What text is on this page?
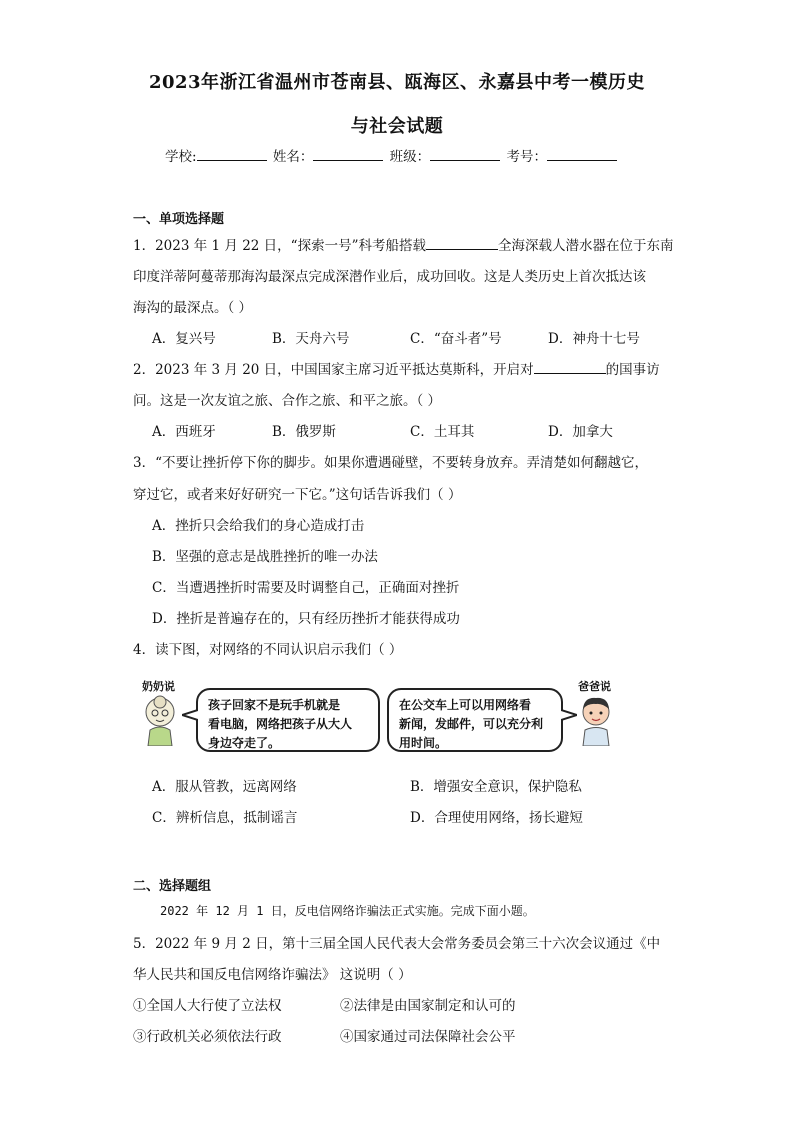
2023年浙江省温州市苍南县、瓯海区、永嘉县中考一模历史
与社会试题
学校:	姓名：	班级：	考号：
一、单项选择题
1．2023 年 1 月 22 日，“探索一号”科考船搭载	全海深载人潜水器在位于东南
印度洋蒂阿蔓蒂那海沟最深点完成深潜作业后，成功回收。这是人类历史上首次抵达该
海沟的最深点。（ ）
A．复兴号	B．天舟六号	C．“奋斗者”号	D．神舟十七号
2．2023 年 3 月 20 日，中国国家主席习近平抵达莫斯科，开启对	的国事访
问。这是一次友谊之旅、合作之旅、和平之旅。（ ）
A．西班牙	B．俄罗斯	C．土耳其	D．加拿大
3．“不要让挫折停下你的脚步。如果你遭遇碰壁，不要转身放弃。弄清楚如何翻越它，
穿过它，或者来好好研究一下它。”这句话告诉我们（ ）
A．挫折只会给我们的身心造成打击
B．坚强的意志是战胜挫折的唯一办法
C．当遭遇挫折时需要及时调整自己，正确面对挫折
D．挫折是普遍存在的，只有经历挫折才能获得成功
4．读下图，对网络的不同认识启示我们（ ）
奶奶说
孩子回家不是玩手机就是
看电脑，网络把孩子从大人
身边夺走了。
在公交车上可以用网络看
新闻，发邮件，可以充分利
用时间。
爸爸说
A．服从管教，远离网络	B．增强安全意识，保护隐私
C．辨析信息，抵制谣言	D．合理使用网络，扬长避短
二、选择题组
2022 年 12 月 1 日，反电信网络诈骗法正式实施。完成下面小题。
5．2022 年 9 月 2 日，第十三届全国人民代表大会常务委员会第三十六次会议通过《中
华人民共和国反电信网络诈骗法》 这说明（ ）
①全国人大行使了立法权	②法律是由国家制定和认可的
③行政机关必须依法行政	④国家通过司法保障社会公平
